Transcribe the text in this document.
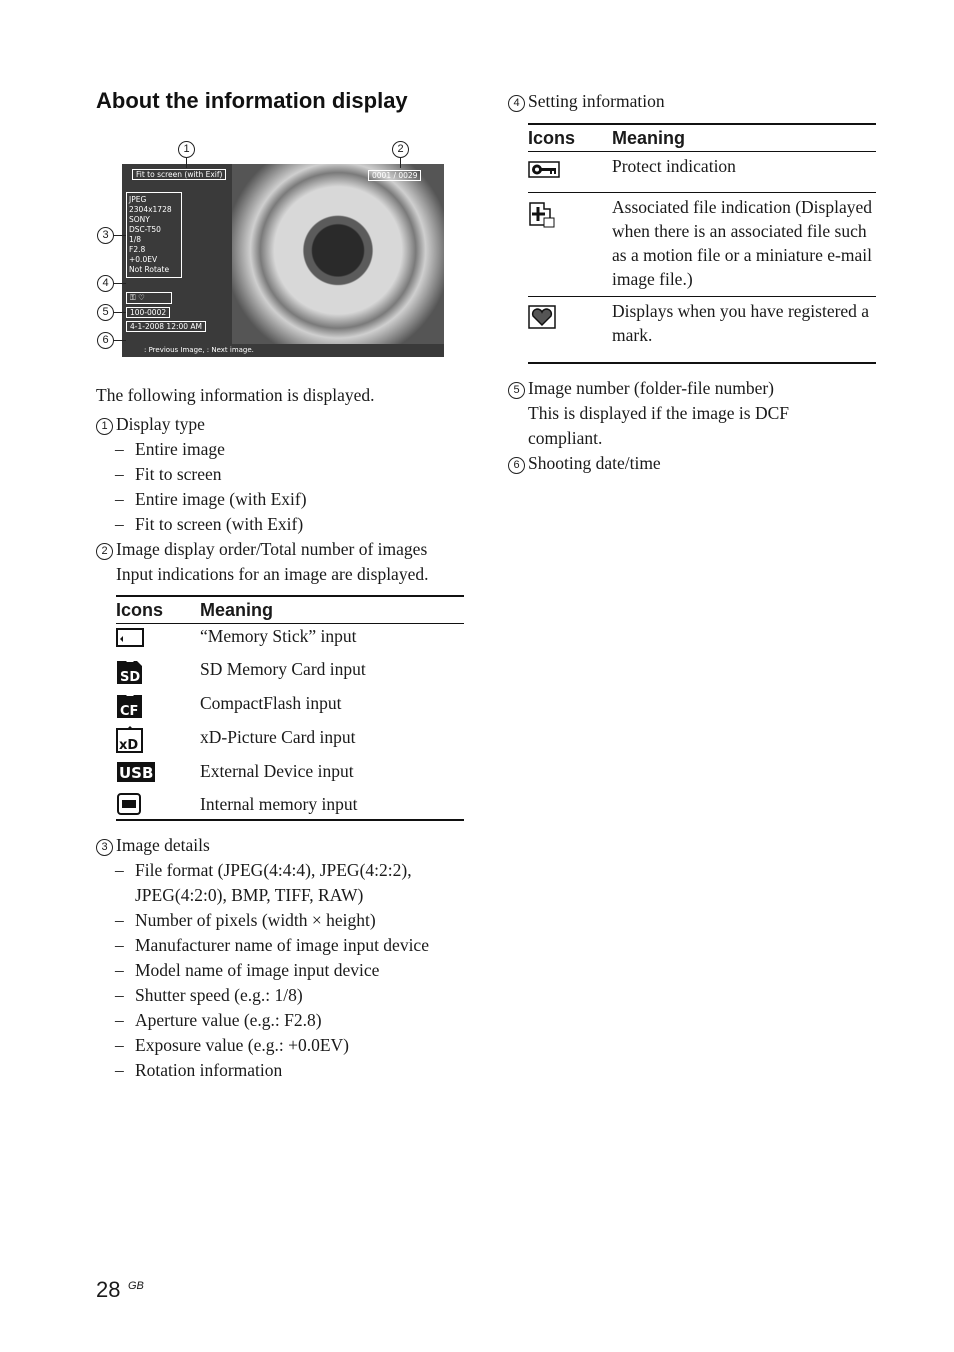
About the information display
Fit to screen (with Exif)	0001 / 0029
JPEG
2304x1728
SONY
DSC-T50
1/8
F2.8
+0.0EV
Not Rotate
⚿ ♡
100-0002
4-1-2008 12:00 AM
: Previous Image, : Next image.
1	2
3
4
5
6
The following information is displayed.
1 Display type
– Entire image
– Fit to screen
– Entire image (with Exif)
– Fit to screen (with Exif)
2 Image display order/Total number of images
Input indications for an image are displayed.
Icons	Meaning
	“Memory Stick” input

SD	SD Memory Card input

CF	CompactFlash input

xD	xD-Picture Card input

USB	External Device input
	Internal memory input
3 Image details
– File format (JPEG(4:4:4), JPEG(4:2:2),
JPEG(4:2:0), BMP, TIFF, RAW)
– Number of pixels (width × height)
– Manufacturer name of image input device
– Model name of image input device
– Shutter speed (e.g.: 1/8)
– Aperture value (e.g.: F2.8)
– Exposure value (e.g.: +0.0EV)
– Rotation information
4 Setting information
Icons	Meaning
	Protect indication
	Associated file indication (Displayed when there is an associated file such as a motion file or a miniature e-mail image file.)
	Displays when you have registered a mark.
5 Image number (folder-file number)
This is displayed if the image is DCF compliant.
6 Shooting date/time
28 $^{GB}$
